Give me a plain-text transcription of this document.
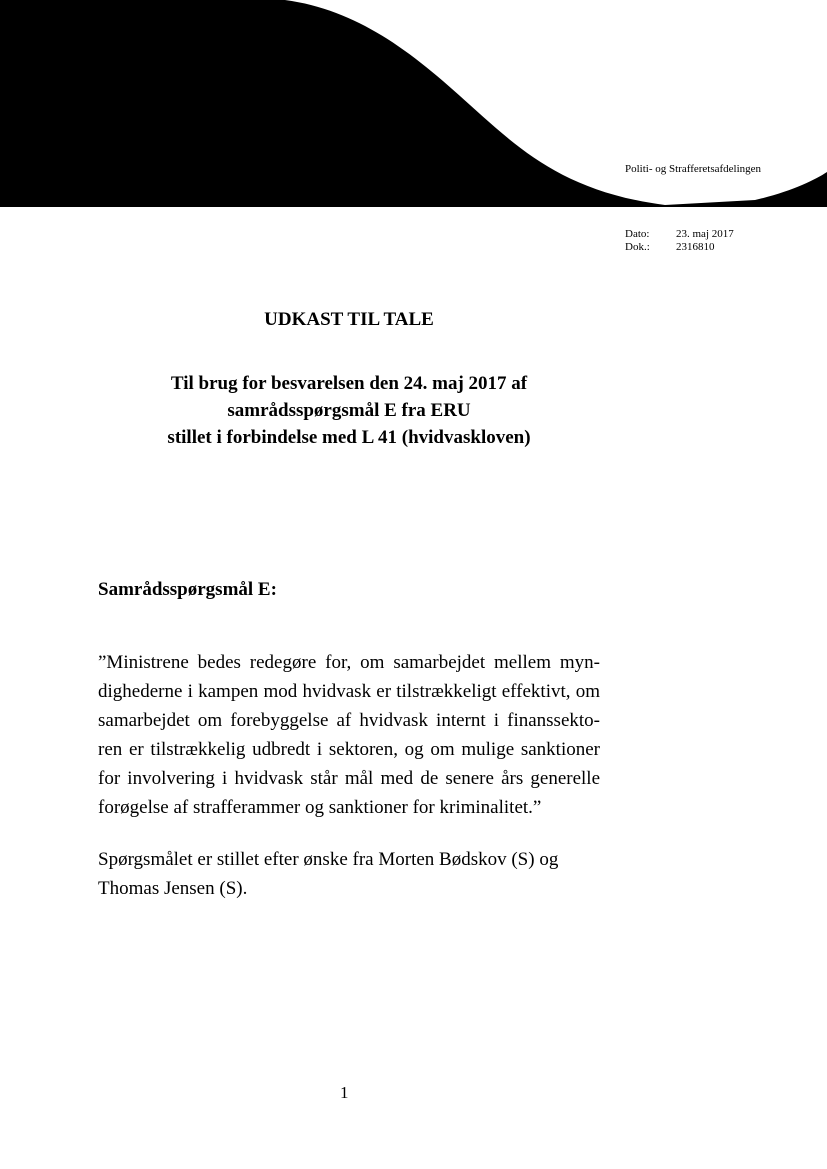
Politi- og Strafferetsafdelingen
Dato:	23. maj 2017
Dok.:	2316810
UDKAST TIL TALE
Til brug for besvarelsen den 24. maj 2017 af
samrådsspørgsmål E fra ERU
stillet i forbindelse med L 41 (hvidvaskloven)
Samrådsspørgsmål E:
”Ministrene bedes redegøre for, om samarbejdet mellem myn-
dighederne i kampen mod hvidvask er tilstrækkeligt effektivt, om
samarbejdet om forebyggelse af hvidvask internt i finanssekto-
ren er tilstrækkelig udbredt i sektoren, og om mulige sanktioner
for involvering i hvidvask står mål med de senere års generelle
forøgelse af strafferammer og sanktioner for kriminalitet.”
Spørgsmålet er stillet efter ønske fra Morten Bødskov (S) og
Thomas Jensen (S).
1
